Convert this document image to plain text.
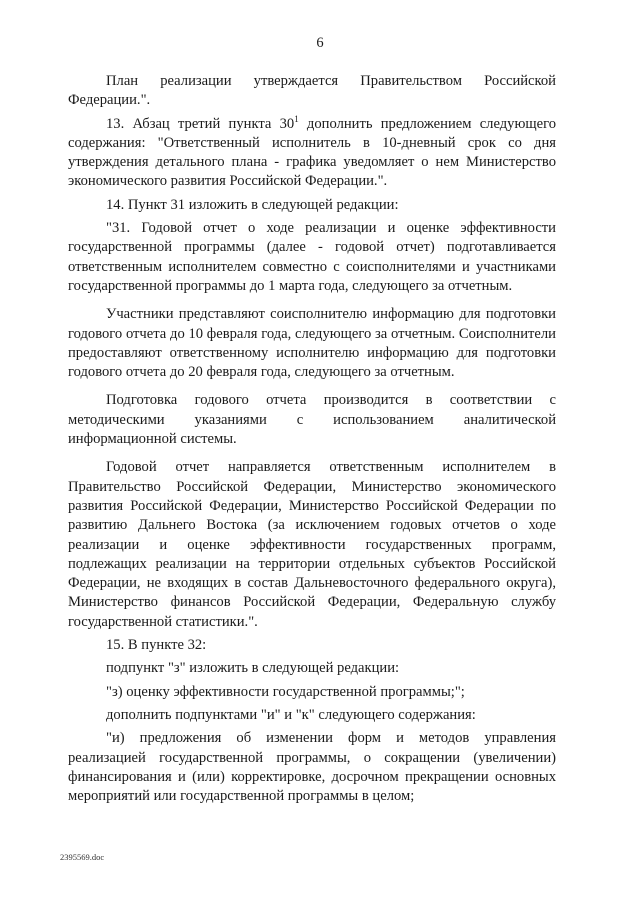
6

План реализации утверждается Правительством Российской Федерации.".

13. Абзац третий пункта $30^1$ дополнить предложением следующего содержания: "Ответственный исполнитель в 10-дневный срок со дня утверждения детального плана - графика уведомляет о нем Министерство экономического развития Российской Федерации.".

14. Пункт 31 изложить в следующей редакции:

"31. Годовой отчет о ходе реализации и оценке эффективности государственной программы (далее - годовой отчет) подготавливается ответственным исполнителем совместно с соисполнителями и участниками государственной программы до 1 марта года, следующего за отчетным.

Участники представляют соисполнителю информацию для подготовки годового отчета до 10 февраля года, следующего за отчетным. Соисполнители предоставляют ответственному исполнителю информацию для подготовки годового отчета до 20 февраля года, следующего за отчетным.

Подготовка годового отчета производится в соответствии с методическими указаниями с использованием аналитической информационной системы.

Годовой отчет направляется ответственным исполнителем в Правительство Российской Федерации, Министерство экономического развития Российской Федерации, Министерство Российской Федерации по развитию Дальнего Востока (за исключением годовых отчетов о ходе реализации и оценке эффективности государственных программ, подлежащих реализации на территории отдельных субъектов Российской Федерации, не входящих в состав Дальневосточного федерального округа), Министерство финансов Российской Федерации, Федеральную службу государственной статистики.".

15. В пункте 32:

подпункт "з" изложить в следующей редакции:

"з) оценку эффективности государственной программы;";

дополнить подпунктами "и" и "к" следующего содержания:

"и) предложения об изменении форм и методов управления реализацией государственной программы, о сокращении (увеличении) финансирования и (или) корректировке, досрочном прекращении основных мероприятий или государственной программы в целом;

2395569.doc
